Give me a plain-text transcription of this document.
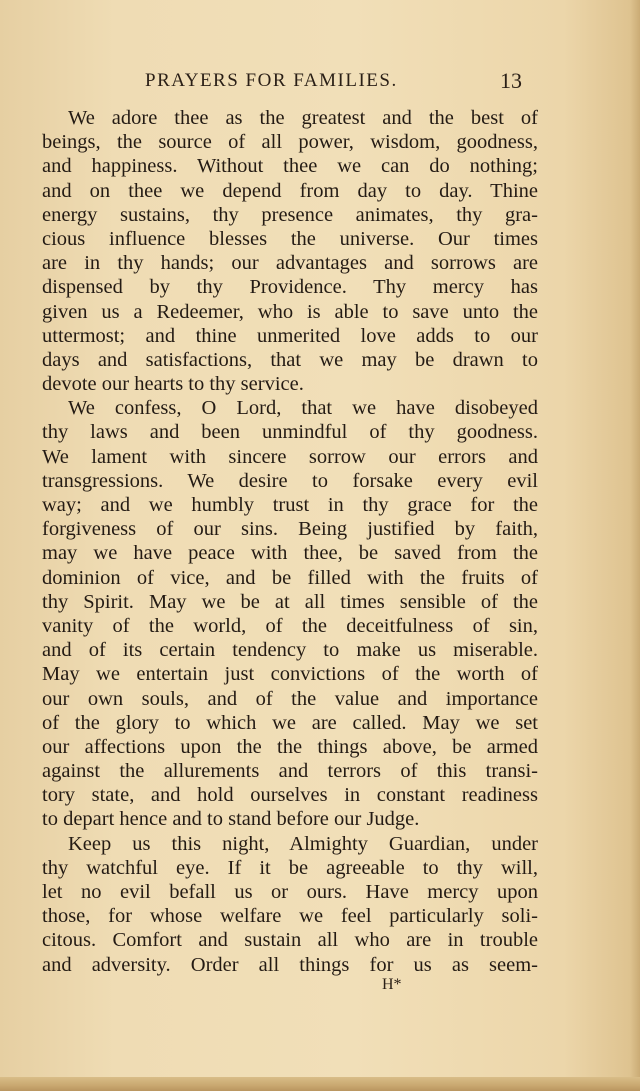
PRAYERS FOR FAMILIES.	13
We adore thee as the greatest and the best of
beings, the source of all power, wisdom, goodness,
and happiness. Without thee we can do nothing;
and on thee we depend from day to day. Thine
energy sustains, thy presence animates, thy gra-
cious influence blesses the universe. Our times
are in thy hands; our advantages and sorrows are
dispensed by thy Providence. Thy mercy has
given us a Redeemer, who is able to save unto the
uttermost; and thine unmerited love adds to our
days and satisfactions, that we may be drawn to
devote our hearts to thy service.
We confess, O Lord, that we have disobeyed
thy laws and been unmindful of thy goodness.
We lament with sincere sorrow our errors and
transgressions. We desire to forsake every evil
way; and we humbly trust in thy grace for the
forgiveness of our sins. Being justified by faith,
may we have peace with thee, be saved from the
dominion of vice, and be filled with the fruits of
thy Spirit. May we be at all times sensible of the
vanity of the world, of the deceitfulness of sin,
and of its certain tendency to make us miserable.
May we entertain just convictions of the worth of
our own souls, and of the value and importance
of the glory to which we are called. May we set
our affections upon the the things above, be armed
against the allurements and terrors of this transi-
tory state, and hold ourselves in constant readiness
to depart hence and to stand before our Judge.
Keep us this night, Almighty Guardian, under
thy watchful eye. If it be agreeable to thy will,
let no evil befall us or ours. Have mercy upon
those, for whose welfare we feel particularly soli-
citous. Comfort and sustain all who are in trouble
and adversity. Order all things for us as seem-
H*
